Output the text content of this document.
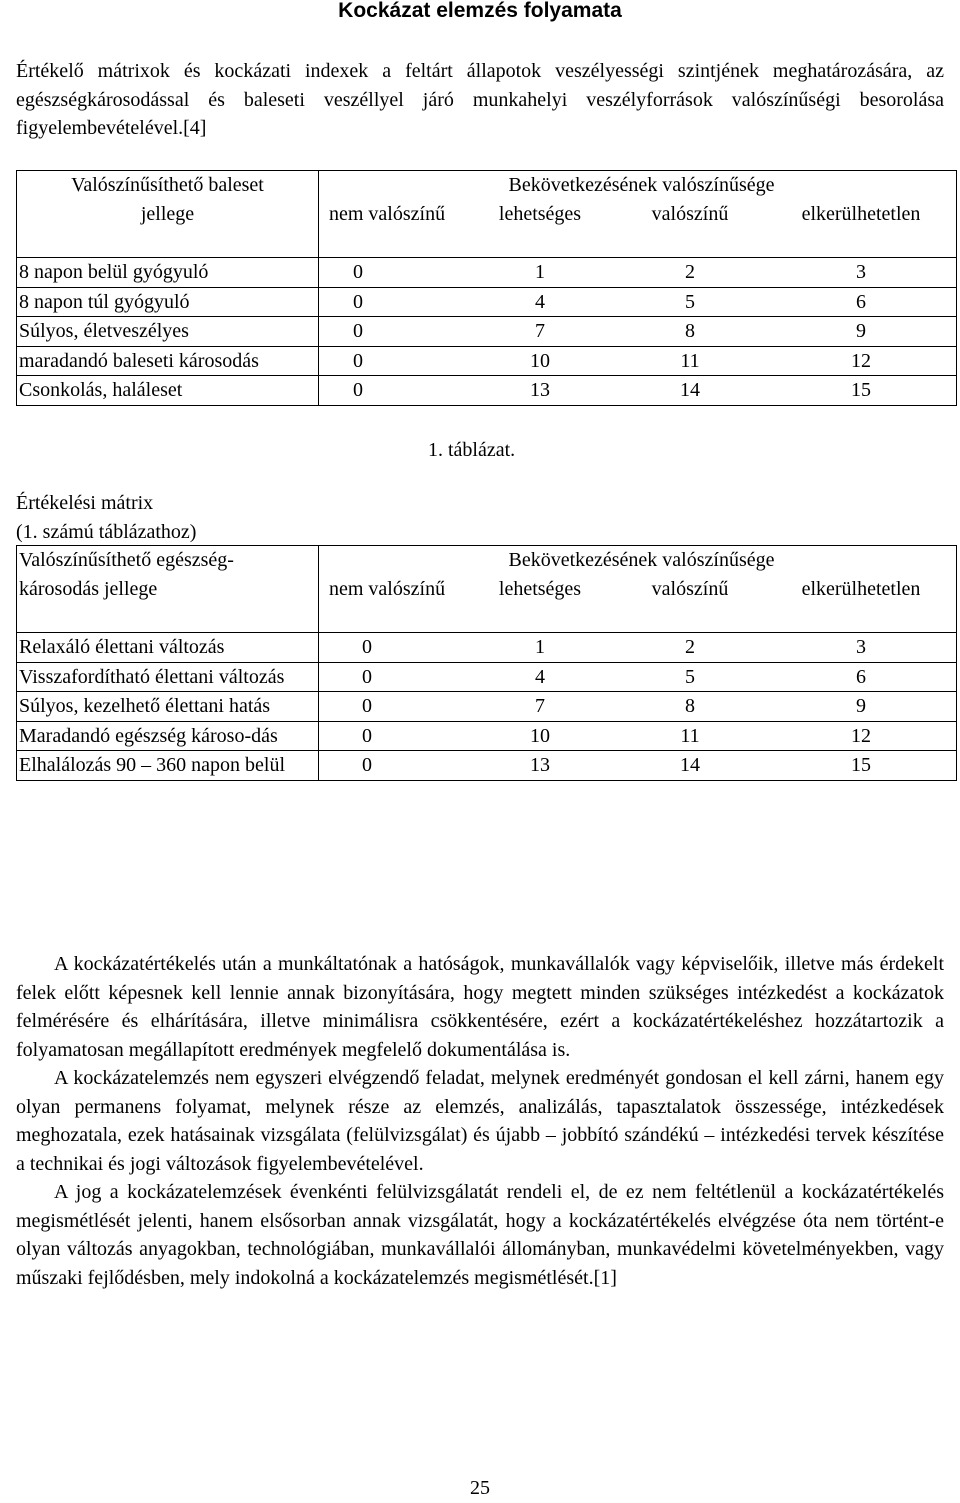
Kockázat elemzés folyamata

Értékelő mátrixok és kockázati indexek a feltárt állapotok veszélyességi szintjének meghatározására, az egészségkárosodással és baleseti veszéllyel járó munkahelyi veszélyforrások valószínűségi besorolása figyelembevételével.[4]

Valószínűsíthető baleset
jellege

Bekövetkezésének valószínűsége
nem valószínű	lehetséges	valószínű	elkerülhetetlen

8 napon belül gyógyuló		0	1	2	3

8 napon túl gyógyuló		0	4	5	6

Súlyos, életveszélyes		0	7	8	9

maradandó baleseti károsodás		0	10	11	12

Csonkolás, haláleset		0	13	14	15
1. táblázat.
Értékelési mátrix
(1. számú táblázathoz)
Valószínűsíthető egészség-
károsodás jellege

Bekövetkezésének valószínűsége
nem valószínű	lehetséges	valószínű	elkerülhetetlen

Relaxáló élettani változás		0	1	2	3

Visszafordítható élettani változás		0	4	5	6

Súlyos, kezelhető élettani hatás		0	7	8	9

Maradandó egészség károso-dás		0	10	11	12

Elhalálozás 90 – 360 napon belül		0	13	14	15

A kockázatértékelés után a munkáltatónak a hatóságok, munkavállalók vagy képviselőik, illetve más érdekelt felek előtt képesnek kell lennie annak bizonyítására, hogy megtett minden szükséges intézkedést a kockázatok felmérésére és elhárítására, illetve minimálisra csökkentésére, ezért a kockázatértékeléshez hozzátartozik a folyamatosan megállapított eredmények megfelelő dokumentálása is.

A kockázatelemzés nem egyszeri elvégzendő feladat, melynek eredményét gondosan el kell zárni, hanem egy olyan permanens folyamat, melynek része az elemzés, analizálás, tapasztalatok összessége, intézkedések meghozatala, ezek hatásainak vizsgálata (felülvizsgálat) és újabb – jobbító szándékú – intézkedési tervek készítése a technikai és jogi változások figyelembevételével.

A jog a kockázatelemzések évenkénti felülvizsgálatát rendeli el, de ez nem feltétlenül a kockázatértékelés megismétlését jelenti, hanem elsősorban annak vizsgálatát, hogy a kockázatértékelés elvégzése óta nem történt-e olyan változás anyagokban, technológiában, munkavállalói állományban, munkavédelmi követelményekben, vagy műszaki fejlődésben, mely indokolná a kockázatelemzés megismétlését.[1]

25
